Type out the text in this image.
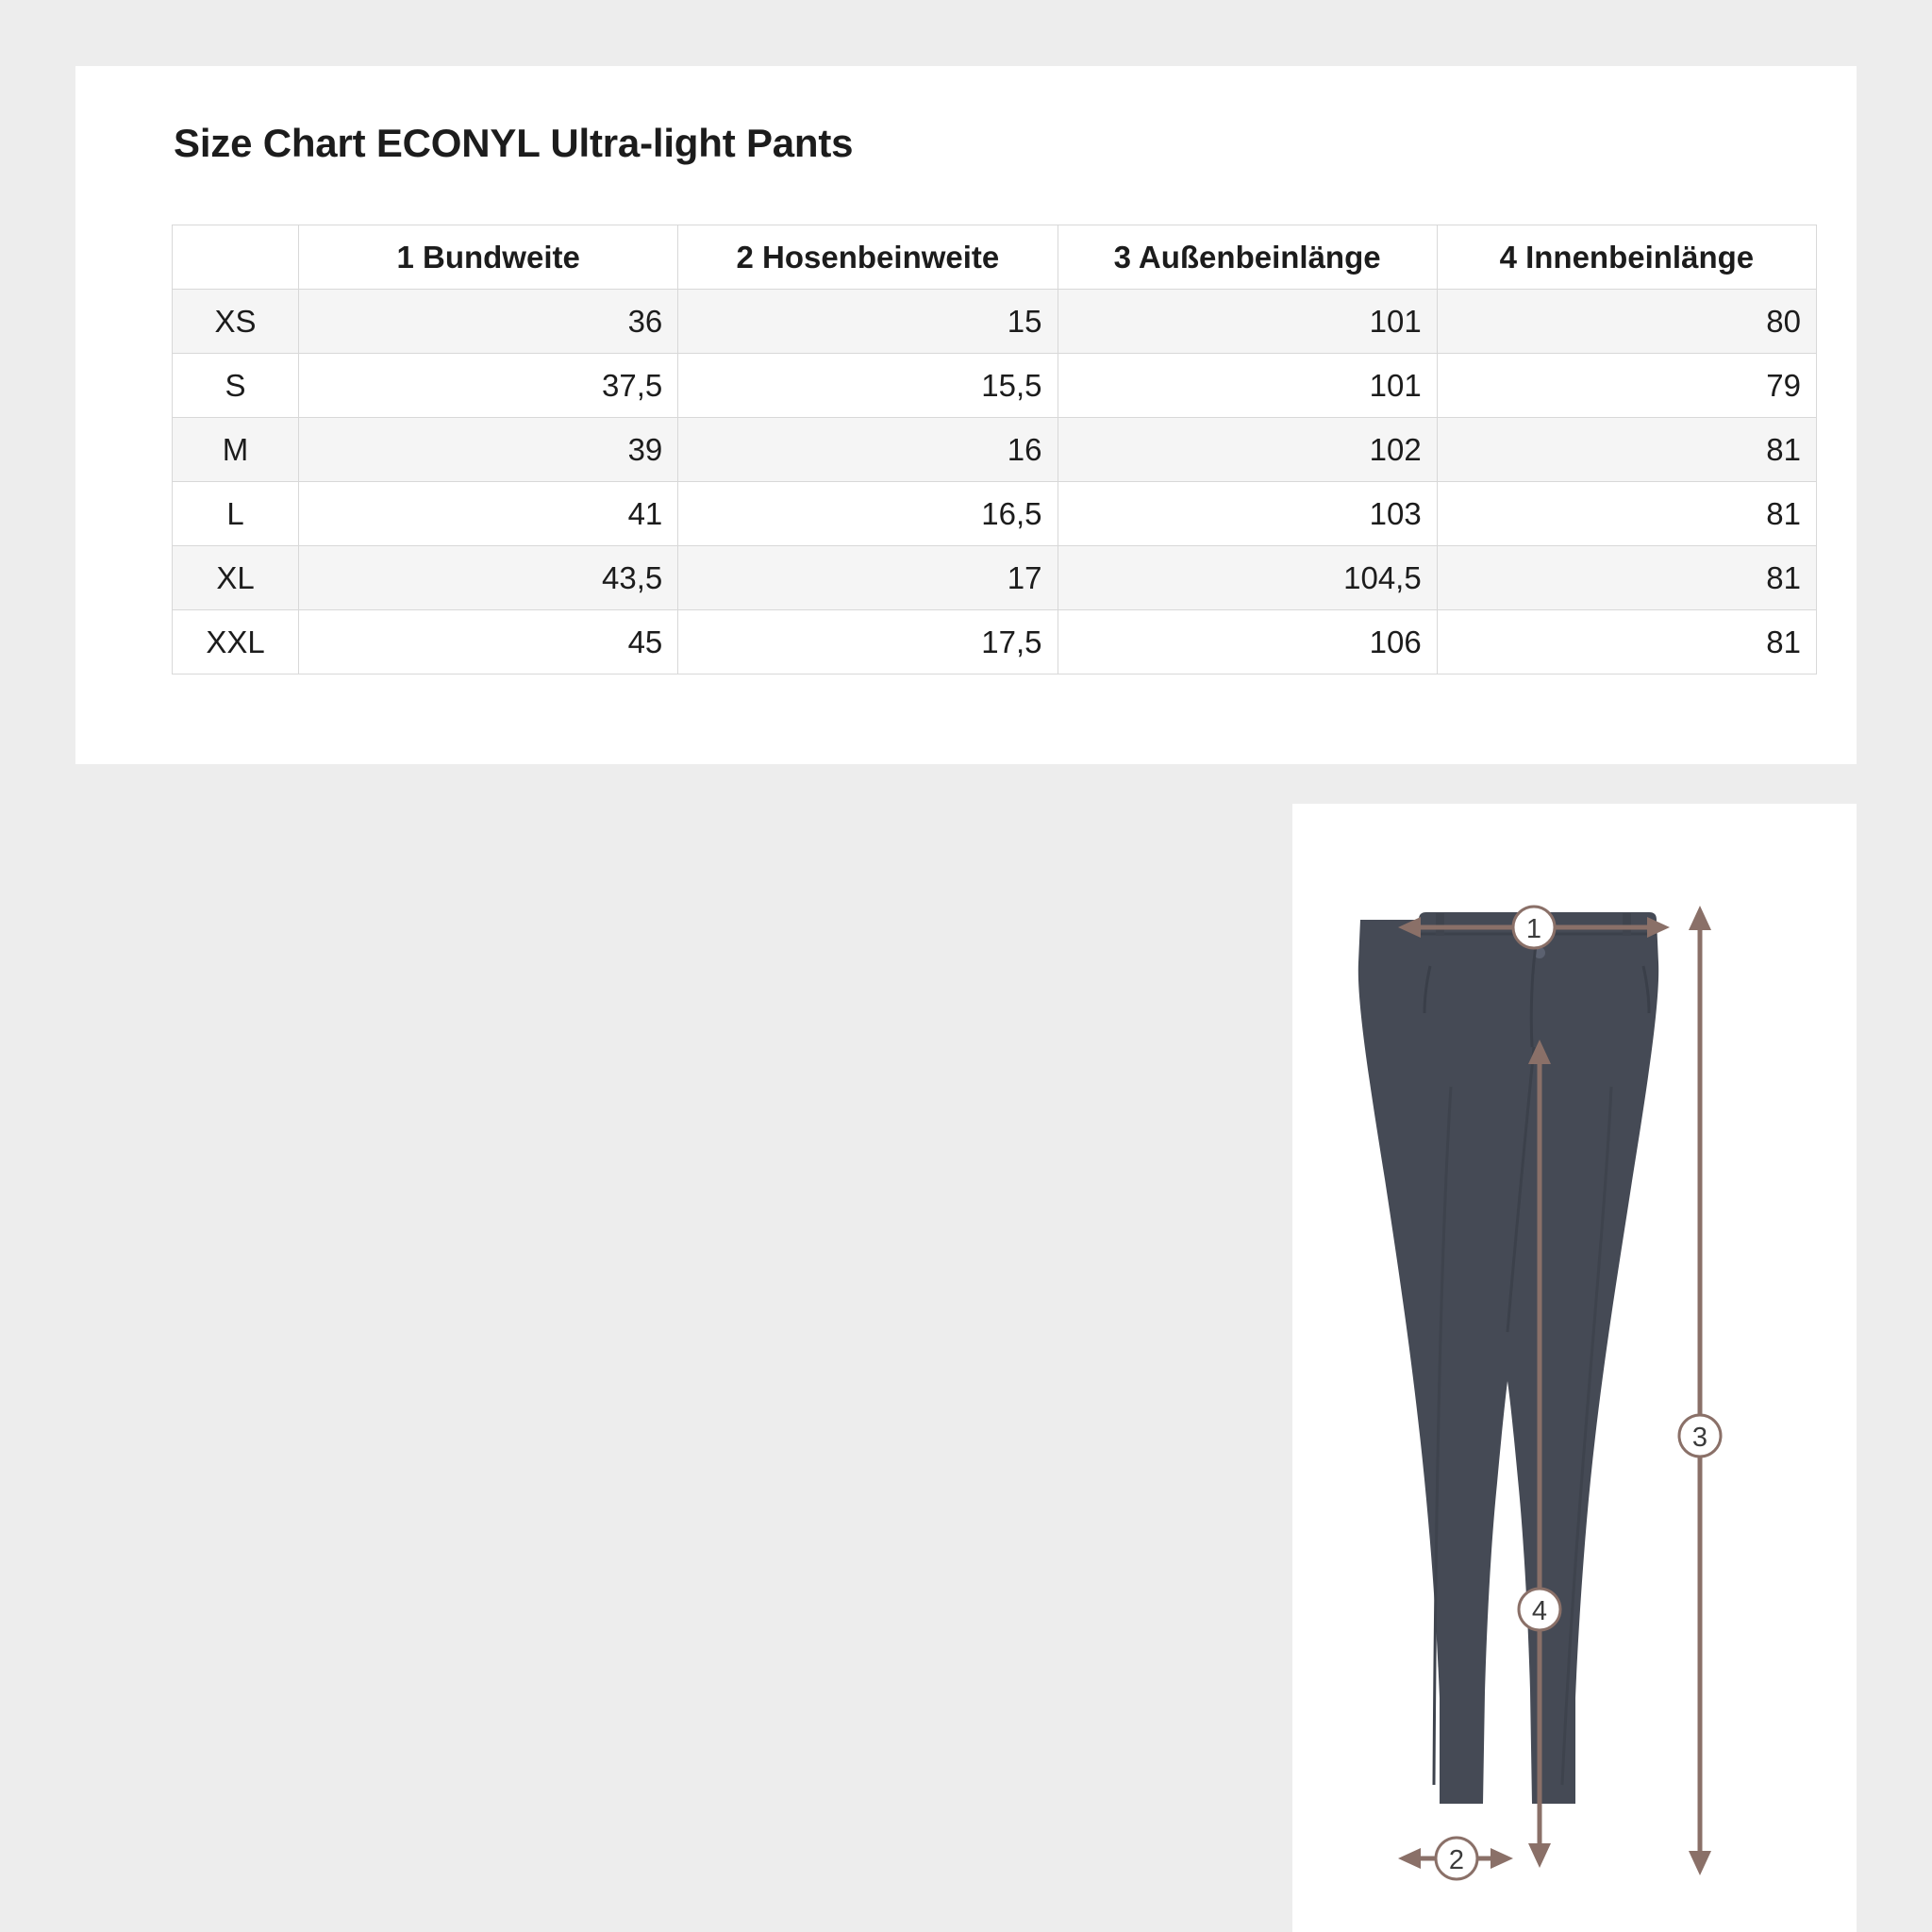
Size Chart ECONYL Ultra-light Pants
	1 Bundweite	2 Hosenbeinweite	3 Außenbeinlänge	4 Innenbeinlänge
XS	36	15	101	80
S	37,5	15,5	101	79
M	39	16	102	81
L	41	16,5	103	81
XL	43,5	17	104,5	81
XXL	45	17,5	106	81
1
2
3
4
